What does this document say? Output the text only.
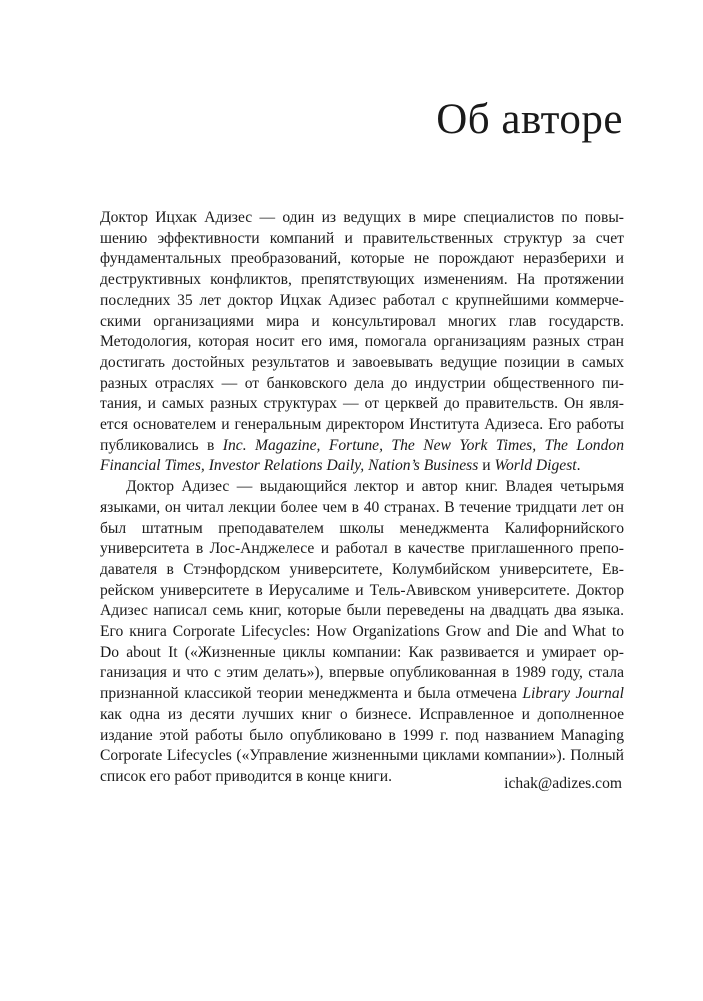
Об авторе

Доктор Ицхак Адизес — один из ведущих в мире специалистов по повышению эффективности компаний и правительственных структур за счет фундаментальных преобразований, которые не порождают неразберихи и деструктивных конфликтов, препятствующих изменениям. На протяжении последних 35 лет доктор Ицхак Адизес работал с крупнейшими коммерческими организациями мира и консультировал многих глав государств. Методология, которая носит его имя, помогала организациям разных стран достигать достойных результатов и завоевывать ведущие позиции в самых разных отраслях — от банковского дела до индустрии общественного питания, и самых разных структурах — от церквей до правительств. Он является основателем и генеральным директором Института Адизеса. Его работы публиковались в Inc. Magazine, Fortune, The New York Times, The London Financial Times, Investor Relations Daily, Nation’s Business и World Digest.

Доктор Адизес — выдающийся лектор и автор книг. Владея четырьмя языками, он читал лекции более чем в 40 странах. В течение тридцати лет он был штатным преподавателем школы менеджмента Калифорнийского университета в Лос-Анджелесе и работал в качестве приглашенного преподавателя в Стэнфордском университете, Колумбийском университете, Еврейском университете в Иерусалиме и Тель-Авивском университете. Доктор Адизес написал семь книг, которые были переведены на двадцать два языка. Его книга Corporate Lifecycles: How Organizations Grow and Die and What to Do about It («Жизненные циклы компании: Как развивается и умирает организация и что с этим делать»), впервые опубликованная в 1989 году, стала признанной классикой теории менеджмента и была отмечена Library Journal как одна из десяти лучших книг о бизнесе. Исправленное и дополненное издание этой работы было опубликовано в 1999 г. под названием Managing Corporate Lifecycles («Управление жизненными циклами компании»). Полный список его работ приводится в конце книги.	ichak@adizes.com
